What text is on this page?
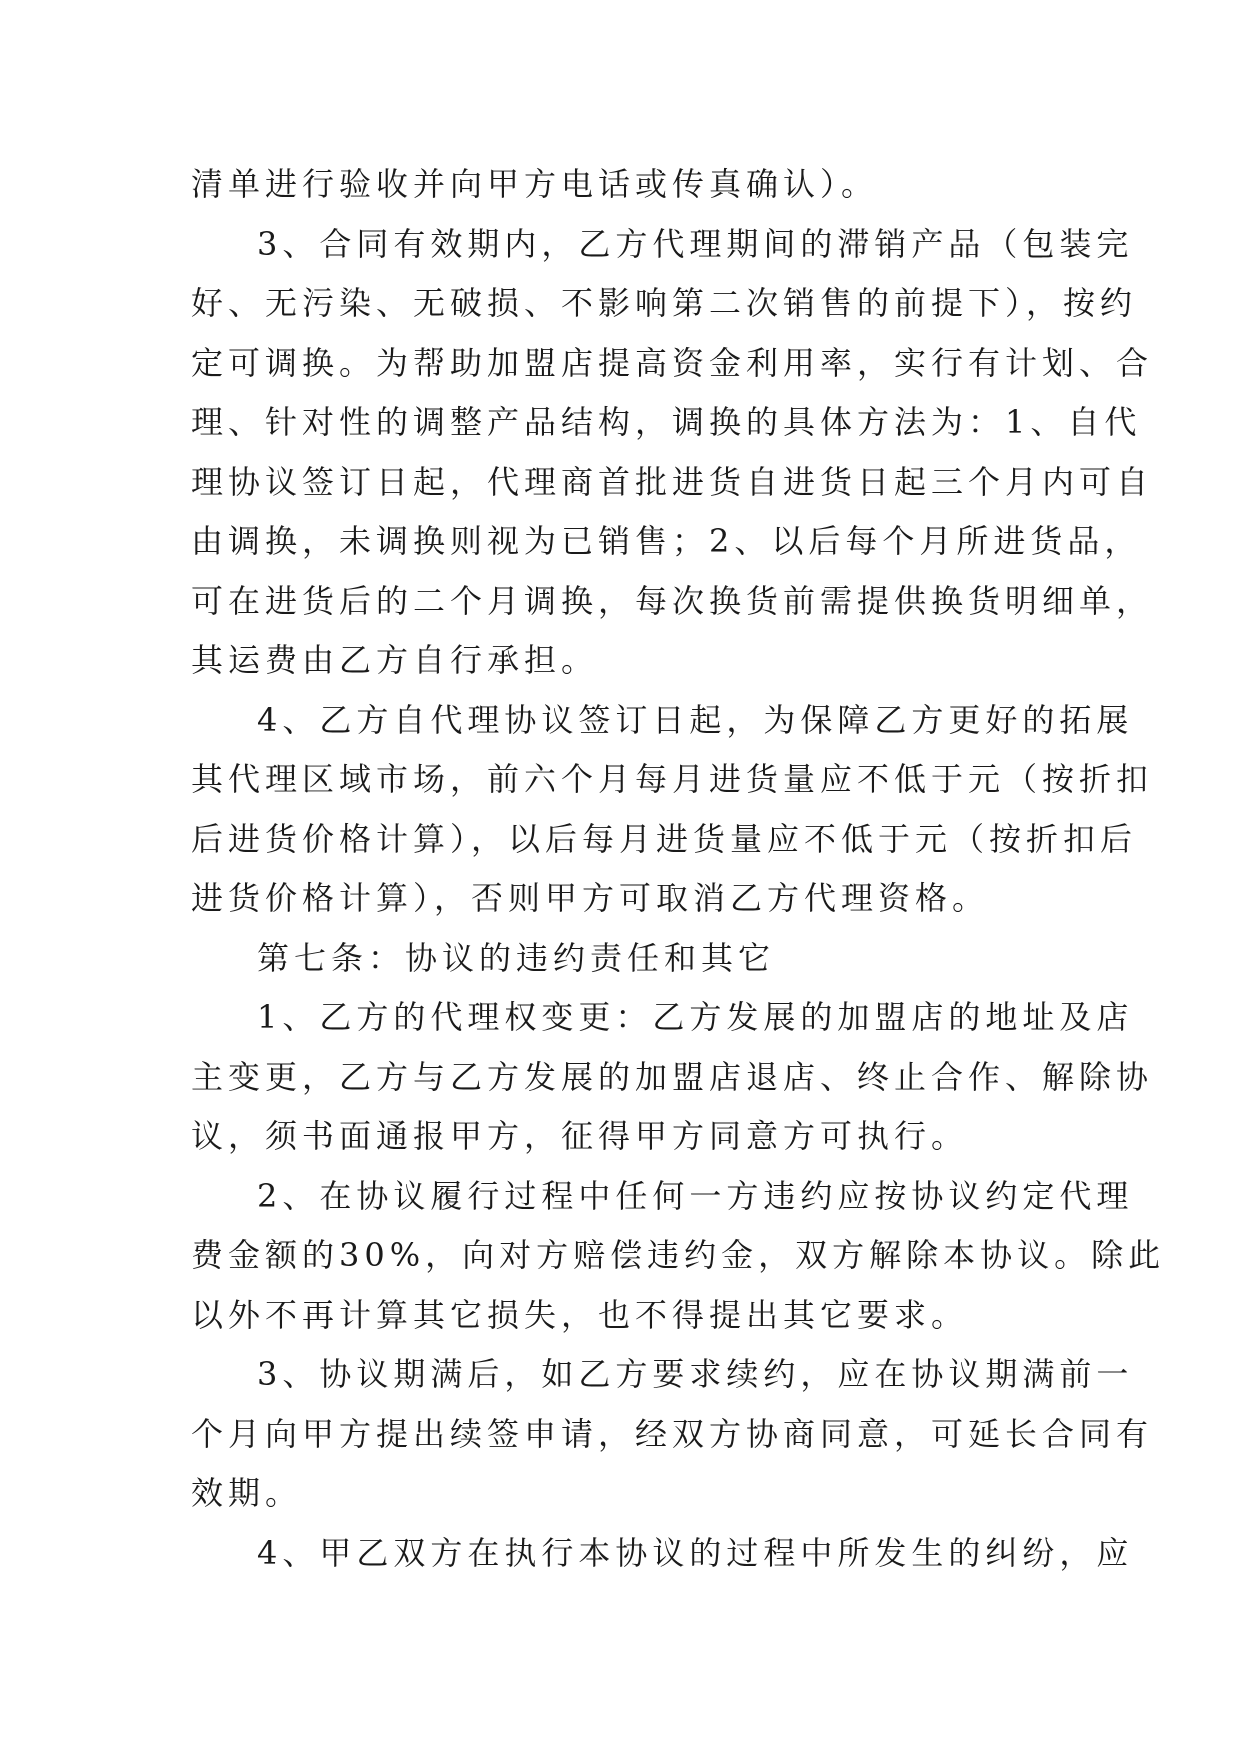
清单进行验收并向甲方电话或传真确认）。
3、合同有效期内，乙方代理期间的滞销产品（包装完
好、无污染、无破损、不影响第二次销售的前提下），按约
定可调换。为帮助加盟店提高资金利用率，实行有计划、合
理、针对性的调整产品结构，调换的具体方法为：1、自代
理协议签订日起，代理商首批进货自进货日起三个月内可自
由调换，未调换则视为已销售；2、以后每个月所进货品，
可在进货后的二个月调换，每次换货前需提供换货明细单，
其运费由乙方自行承担。
4、乙方自代理协议签订日起，为保障乙方更好的拓展
其代理区域市场，前六个月每月进货量应不低于元（按折扣
后进货价格计算），以后每月进货量应不低于元（按折扣后
进货价格计算），否则甲方可取消乙方代理资格。
第七条：协议的违约责任和其它
1、乙方的代理权变更：乙方发展的加盟店的地址及店
主变更，乙方与乙方发展的加盟店退店、终止合作、解除协
议，须书面通报甲方，征得甲方同意方可执行。
2、在协议履行过程中任何一方违约应按协议约定代理
费金额的30%，向对方赔偿违约金，双方解除本协议。除此
以外不再计算其它损失，也不得提出其它要求。
3、协议期满后，如乙方要求续约，应在协议期满前一
个月向甲方提出续签申请，经双方协商同意，可延长合同有
效期。
4、甲乙双方在执行本协议的过程中所发生的纠纷，应
